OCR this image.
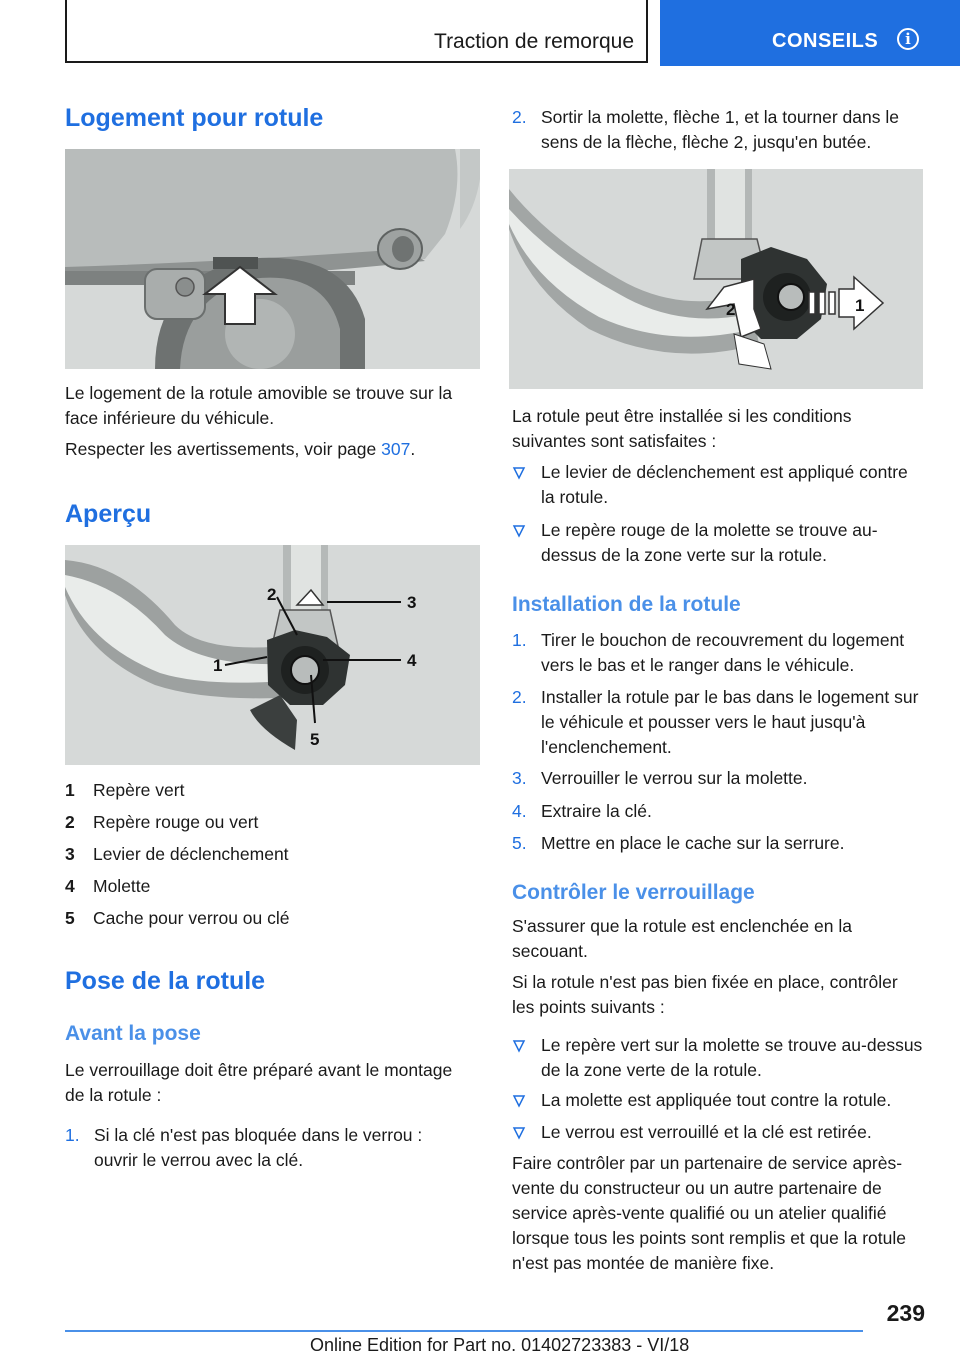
Traction de remorque	CONSEILS	i
Logement pour rotule

Le logement de la rotule amovible se trouve sur la face inférieure du véhicule.

Respecter les avertissements, voir page 307.

Aperçu
1
2	3
4
5
1 Repère vert
2 Repère rouge ou vert
3 Levier de déclenchement
4 Molette
5 Cache pour verrou ou clé
Pose de la rotule
Avant la pose

Le verrouillage doit être préparé avant le montage de la rotule :

1. Si la clé n'est pas bloquée dans le verrou : ouvrir le verrou avec la clé.
2. Sortir la molette, flèche 1, et la tourner dans le sens de la flèche, flèche 2, jusqu'en butée.
2	1

La rotule peut être installée si les conditions suivantes sont satisfaites :

Le levier de déclenchement est appliqué contre la rotule.
Le repère rouge de la molette se trouve au-dessus de la zone verte sur la rotule.
Installation de la rotule
1. Tirer le bouchon de recouvrement du logement vers le bas et le ranger dans le véhicule.
2. Installer la rotule par le bas dans le logement sur le véhicule et pousser vers le haut jusqu'à l'enclenchement.
3. Verrouiller le verrou sur la molette.
4. Extraire la clé.
5. Mettre en place le cache sur la serrure.
Contrôler le verrouillage

S'assurer que la rotule est enclenchée en la secouant.

Si la rotule n'est pas bien fixée en place, contrôler les points suivants :

Le repère vert sur la molette se trouve au-dessus de la zone verte de la rotule.
La molette est appliquée tout contre la rotule.
Le verrou est verrouillé et la clé est retirée.

Faire contrôler par un partenaire de service après-vente du constructeur ou un autre partenaire de service après-vente qualifié ou un atelier qualifié lorsque tous les points sont remplis et que la rotule n'est pas montée de manière fixe.

239
Online Edition for Part no. 01402723383 - VI/18
